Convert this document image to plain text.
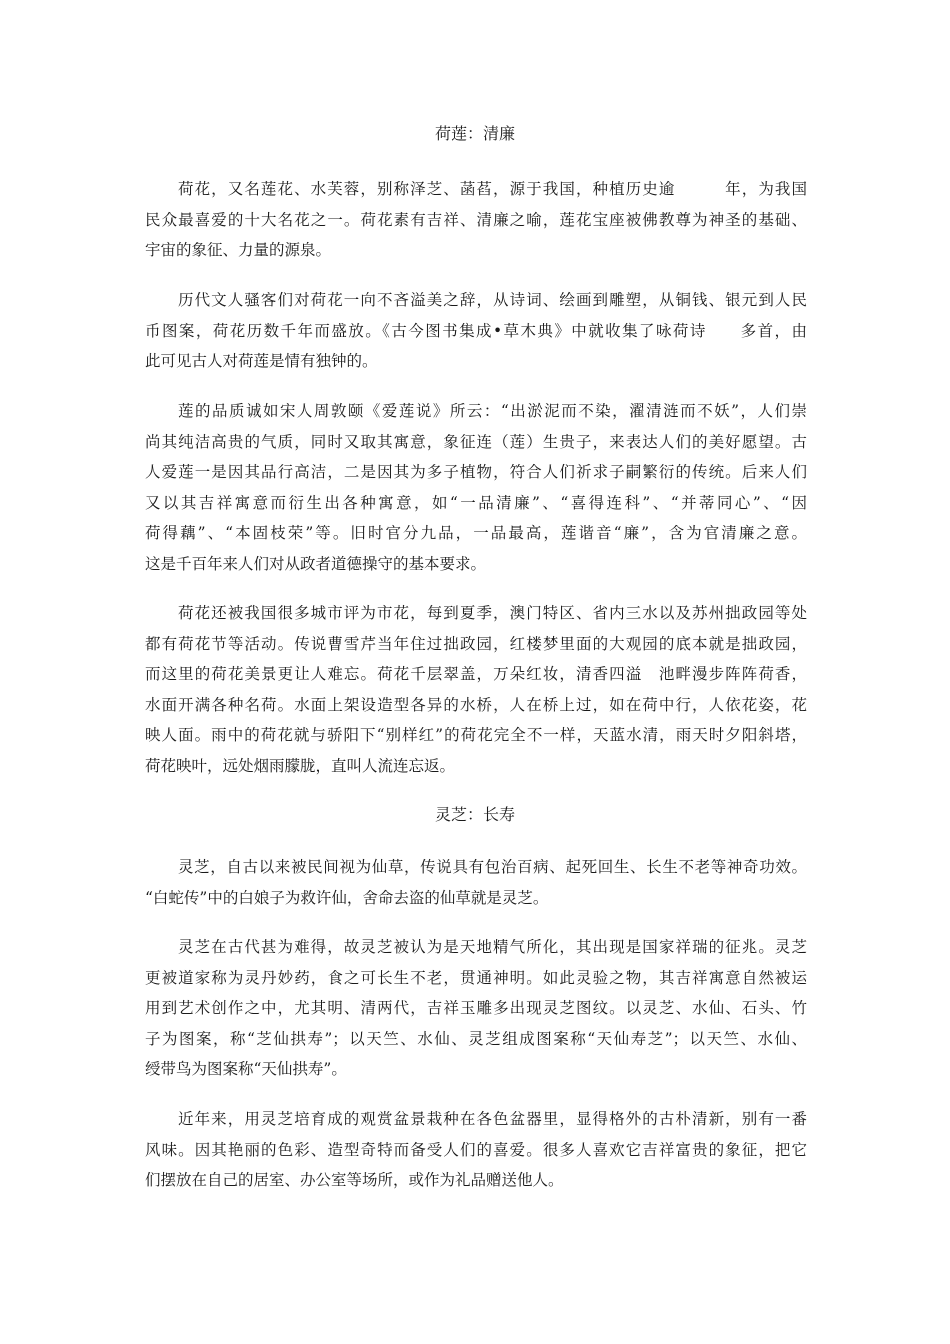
荷莲：清廉

荷花，又名莲花、水芙蓉，别称泽芝、菡萏，源于我国，种植历史逾　　　年，为我国
民众最喜爱的十大名花之一。荷花素有吉祥、清廉之喻，莲花宝座被佛教尊为神圣的基础、
宇宙的象征、力量的源泉。

历代文人骚客们对荷花一向不吝溢美之辞，从诗词、绘画到雕塑，从铜钱、银元到人民
币图案，荷花历数千年而盛放。《古今图书集成•草木典》中就收集了咏荷诗　　多首，由
此可见古人对荷莲是情有独钟的。

莲的品质诚如宋人周敦颐《爱莲说》所云：“出淤泥而不染，濯清涟而不妖”，人们崇
尚其纯洁高贵的气质，同时又取其寓意，象征连（莲）生贵子，来表达人们的美好愿望。古
人爱莲一是因其品行高洁，二是因其为多子植物，符合人们祈求子嗣繁衍的传统。后来人们
又以其吉祥寓意而衍生出各种寓意，如“一品清廉”、“喜得连科”、“并蒂同心”、“因
荷得藕”、“本固枝荣”等。旧时官分九品，一品最高，莲谐音“廉”，含为官清廉之意。
这是千百年来人们对从政者道德操守的基本要求。

荷花还被我国很多城市评为市花，每到夏季，澳门特区、省内三水以及苏州拙政园等处
都有荷花节等活动。传说曹雪芹当年住过拙政园，红楼梦里面的大观园的底本就是拙政园，
而这里的荷花美景更让人难忘。荷花千层翠盖，万朵红妆，清香四溢　池畔漫步阵阵荷香，
水面开满各种名荷。水面上架设造型各异的水桥，人在桥上过，如在荷中行，人依花姿，花
映人面。雨中的荷花就与骄阳下“别样红”的荷花完全不一样，天蓝水清，雨天时夕阳斜塔，
荷花映叶，远处烟雨朦胧，直叫人流连忘返。

灵芝：长寿

灵芝，自古以来被民间视为仙草，传说具有包治百病、起死回生、长生不老等神奇功效。
“白蛇传”中的白娘子为救许仙，舍命去盗的仙草就是灵芝。

灵芝在古代甚为难得，故灵芝被认为是天地精气所化，其出现是国家祥瑞的征兆。灵芝
更被道家称为灵丹妙药，食之可长生不老，贯通神明。如此灵验之物，其吉祥寓意自然被运
用到艺术创作之中，尤其明、清两代，吉祥玉雕多出现灵芝图纹。以灵芝、水仙、石头、竹
子为图案，称“芝仙拱寿”；以天竺、水仙、灵芝组成图案称“天仙寿芝”；以天竺、水仙、
绶带鸟为图案称“天仙拱寿”。

近年来，用灵芝培育成的观赏盆景栽种在各色盆器里，显得格外的古朴清新，别有一番
风味。因其艳丽的色彩、造型奇特而备受人们的喜爱。很多人喜欢它吉祥富贵的象征，把它
们摆放在自己的居室、办公室等场所，或作为礼品赠送他人。
